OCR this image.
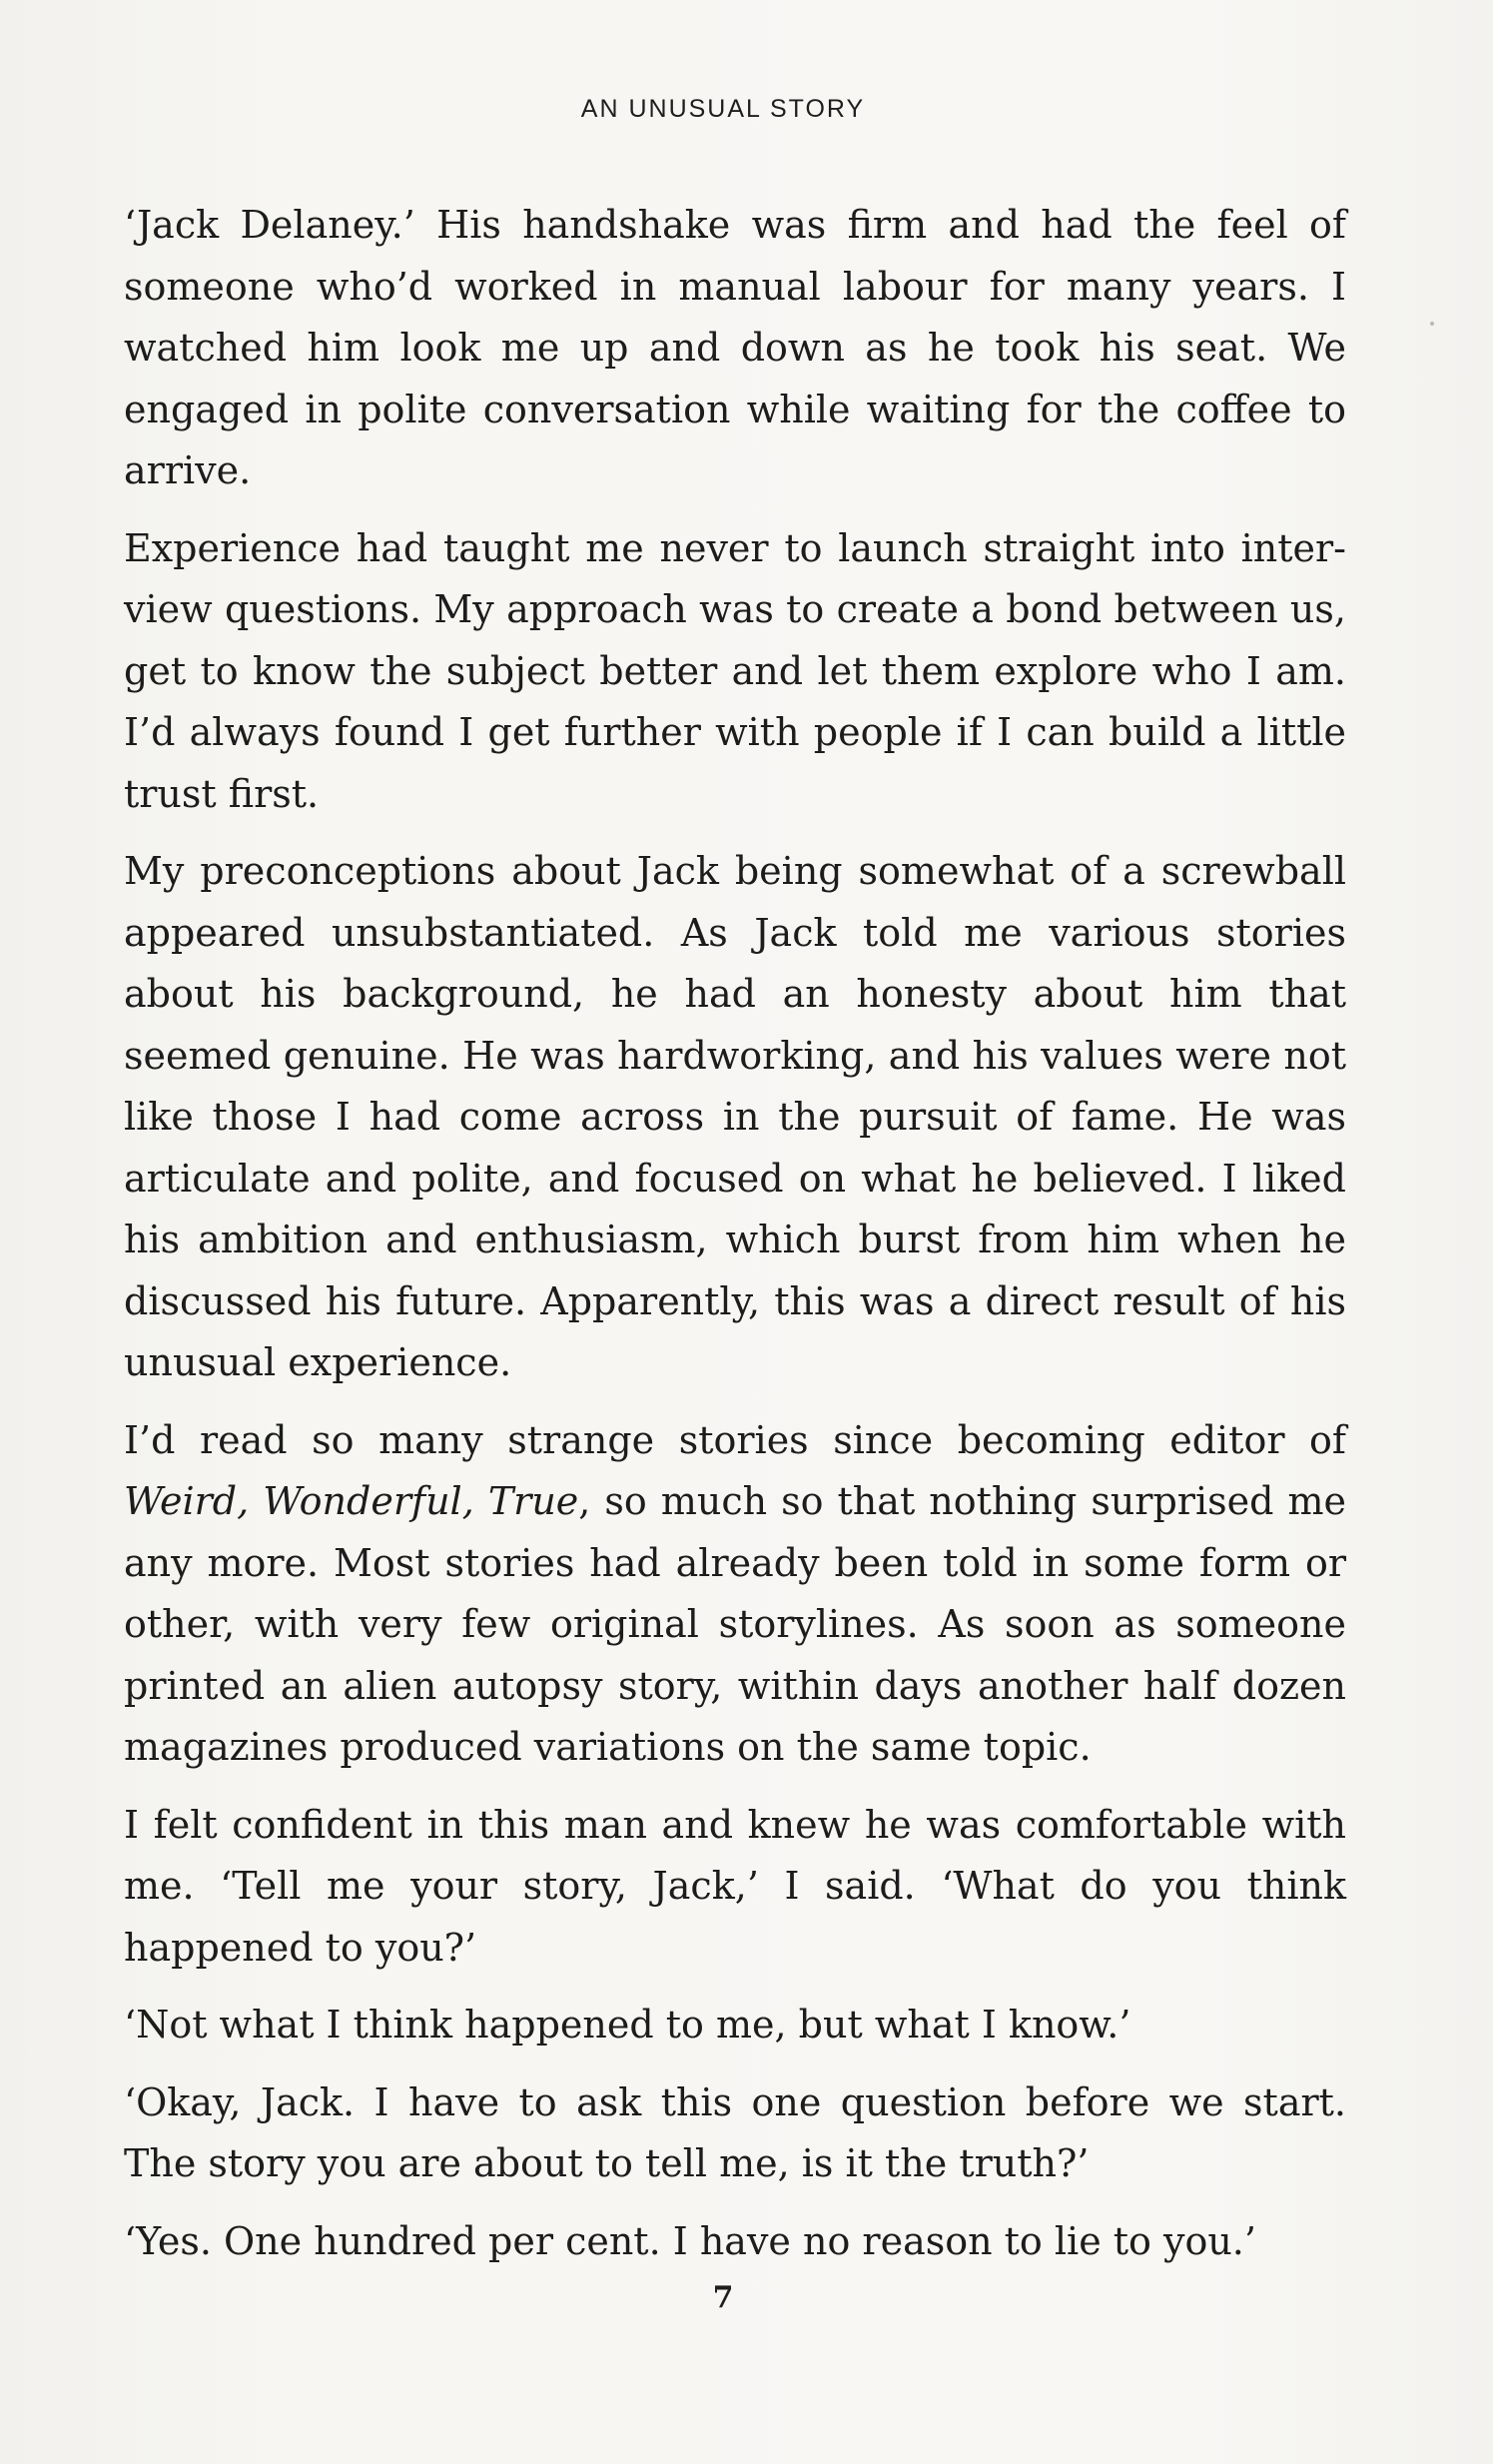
AN UNUSUAL STORY

‘Jack Delaney.’ His handshake was firm and had the feel of someone who’d worked in manual labour for many years. I watched him look me up and down as he took his seat. We engaged in polite conversation while waiting for the coffee to arrive.

Experience had taught me never to launch straight into interview questions. My approach was to create a bond between us, get to know the subject better and let them explore who I am. I’d always found I get further with people if I can build a little trust first.

My preconceptions about Jack being somewhat of a screwball appeared unsubstantiated. As Jack told me various stories about his background, he had an honesty about him that seemed genuine. He was hardworking, and his values were not like those I had come across in the pursuit of fame. He was articulate and polite, and focused on what he believed. I liked his ambition and enthusiasm, which burst from him when he discussed his future. Apparently, this was a direct result of his unusual experience.

I’d read so many strange stories since becoming editor of Weird, Wonderful, True, so much so that nothing surprised me any more. Most stories had already been told in some form or other, with very few original storylines. As soon as someone printed an alien autopsy story, within days another half dozen magazines produced variations on the same topic.

I felt confident in this man and knew he was comfortable with me. ‘Tell me your story, Jack,’ I said. ‘What do you think happened to you?’

‘Not what I think happened to me, but what I know.’

‘Okay, Jack. I have to ask this one question before we start. The story you are about to tell me, is it the truth?’

‘Yes. One hundred per cent. I have no reason to lie to you.’

7
